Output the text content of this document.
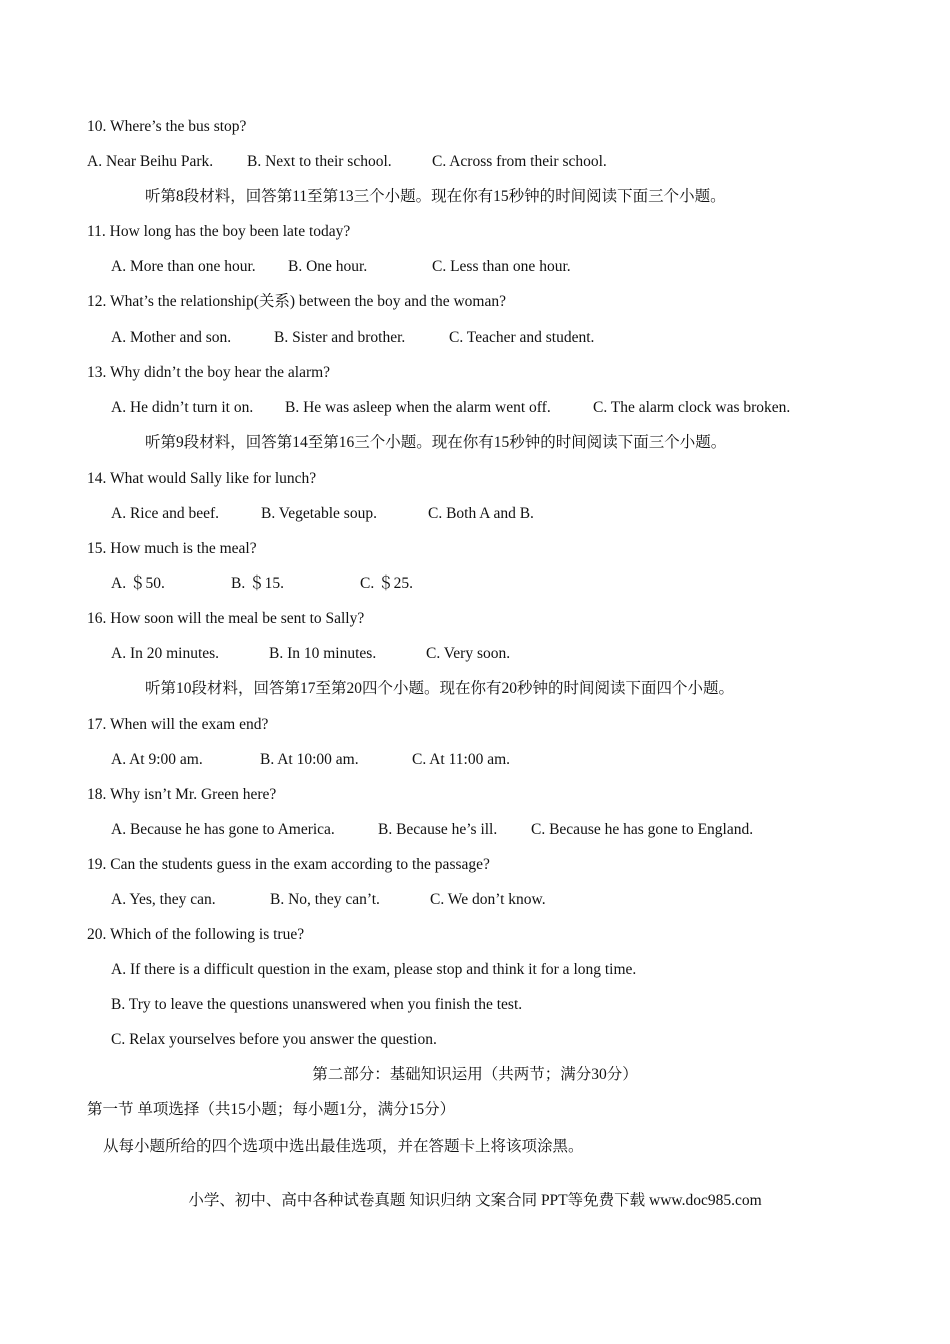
10. Where’s the bus stop?
A. Near Beihu Park. B. Next to their school.	C. Across from their school.
听第8段材料，回答第11至第13三个小题。现在你有15秒钟的时间阅读下面三个小题。
11. How long has the boy been late today?
A. More than one hour. B. One hour.	C. Less than one hour.
12. What’s the relationship(关系) between the boy and the woman?
A. Mother and son.	B. Sister and brother.	C. Teacher and student.
13. Why didn’t the boy hear the alarm?
A. He didn’t turn it on. B. He was asleep when the alarm went off.	C. The alarm clock was broken.
听第9段材料，回答第14至第16三个小题。现在你有15秒钟的时间阅读下面三个小题。
14. What would Sally like for lunch?
A. Rice and beef.	B. Vegetable soup.	C. Both A and B.
15. How much is the meal?
A. ＄50.	B. ＄15.	C. ＄25.
16. How soon will the meal be sent to Sally?
A. In 20 minutes.	B. In 10 minutes.	C. Very soon.
听第10段材料，回答第17至第20四个小题。现在你有20秒钟的时间阅读下面四个小题。
17. When will the exam end?
A. At 9:00 am.	B. At 10:00 am.	C. At 11:00 am.
18. Why isn’t Mr. Green here?
A. Because he has gone to America.	B. Because he’s ill. C. Because he has gone to England.
19. Can the students guess in the exam according to the passage?
A. Yes, they can.	B. No, they can’t.	C. We don’t know.
20. Which of the following is true?
A. If there is a difficult question in the exam, please stop and think it for a long time.
B. Try to leave the questions unanswered when you finish the test.
C. Relax yourselves before you answer the question.
第二部分：基础知识运用（共两节；满分30分）
第一节 单项选择（共15小题；每小题1分，满分15分）
从每小题所给的四个选项中选出最佳选项，并在答题卡上将该项涂黑。
小学、初中、高中各种试卷真题 知识归纳 文案合同 PPT等免费下载 www.doc985.com
